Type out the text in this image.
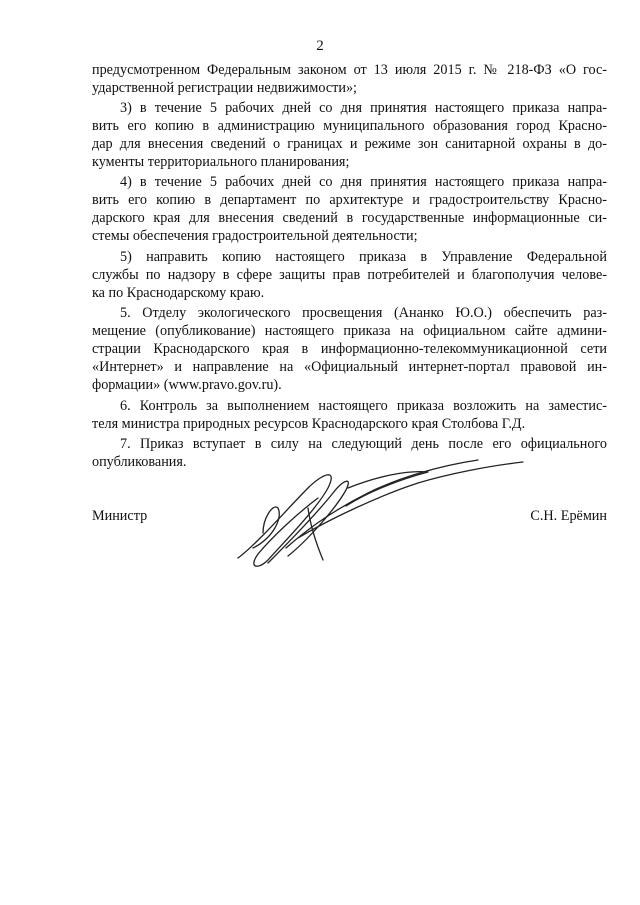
2
предусмотренном Федеральным законом от 13 июля 2015 г. № 218-ФЗ «О гос-
ударственной регистрации недвижимости»;
3) в течение 5 рабочих дней со дня принятия настоящего приказа напра-
вить его копию в администрацию муниципального образования город Красно-
дар для внесения сведений о границах и режиме зон санитарной охраны в до-
кументы территориального планирования;
4) в течение 5 рабочих дней со дня принятия настоящего приказа напра-
вить его копию в департамент по архитектуре и градостроительству Красно-
дарского края для внесения сведений в государственные информационные си-
стемы обеспечения градостроительной деятельности;
5) направить копию настоящего приказа в Управление Федеральной
службы по надзору в сфере защиты прав потребителей и благополучия челове-
ка по Краснодарскому краю.
5. Отделу экологического просвещения (Ананко Ю.О.) обеспечить раз-
мещение (опубликование) настоящего приказа на официальном сайте админи-
страции Краснодарского края в информационно-телекоммуникационной сети
«Интернет» и направление на «Официальный интернет-портал правовой ин-
формации» (www.pravo.gov.ru).
6. Контроль за выполнением настоящего приказа возложить на заместис-
теля министра природных ресурсов Краснодарского края Столбова Г.Д.
7. Приказ вступает в силу на следующий день после его официального
опубликования.
Министр	С.Н. Ерёмин
